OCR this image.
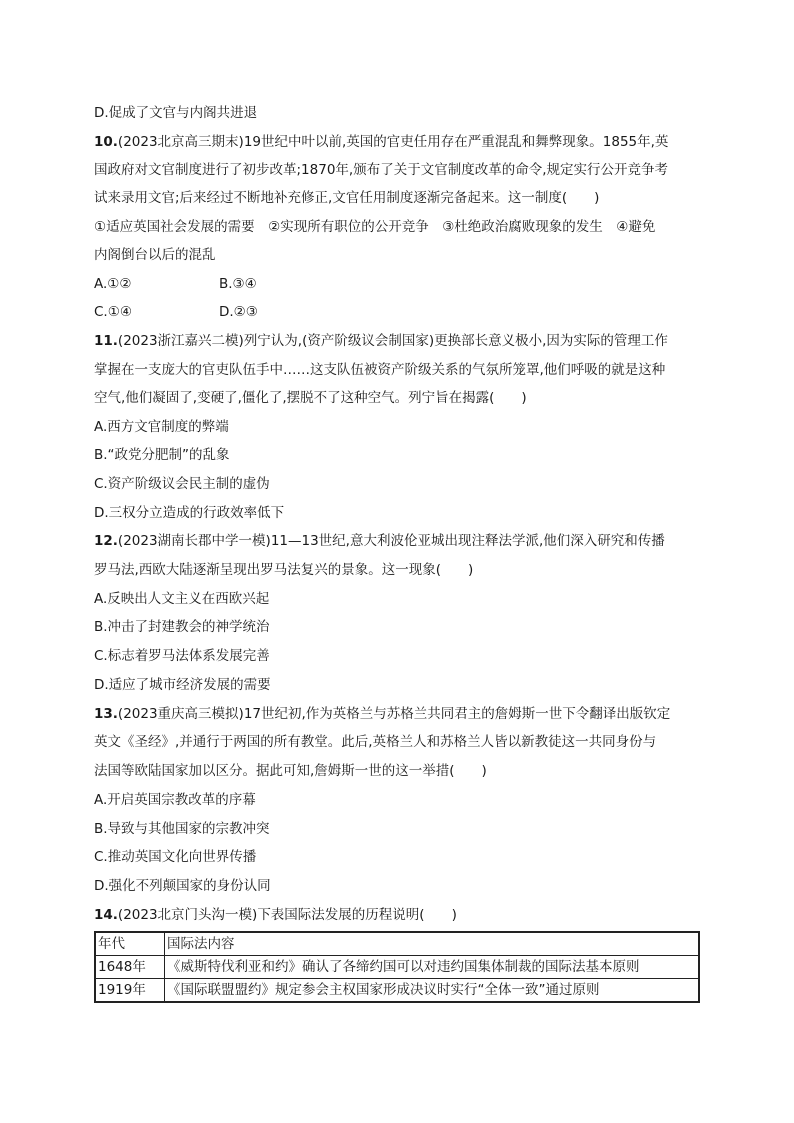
D.促成了文官与内阁共进退
10.(2023北京高三期末)19世纪中叶以前,英国的官吏任用存在严重混乱和舞弊现象。1855年,英
国政府对文官制度进行了初步改革;1870年,颁布了关于文官制度改革的命令,规定实行公开竞争考
试来录用文官;后来经过不断地补充修正,文官任用制度逐渐完备起来。这一制度(　　)
①适应英国社会发展的需要　②实现所有职位的公开竞争　③杜绝政治腐败现象的发生　④避免
内阁倒台以后的混乱
A.①②	B.③④
C.①④	D.②③
11.(2023浙江嘉兴二模)列宁认为,(资产阶级议会制国家)更换部长意义极小,因为实际的管理工作
掌握在一支庞大的官吏队伍手中……这支队伍被资产阶级关系的气氛所笼罩,他们呼吸的就是这种
空气,他们凝固了,变硬了,僵化了,摆脱不了这种空气。列宁旨在揭露(　　)
A.西方文官制度的弊端
B.“政党分肥制”的乱象
C.资产阶级议会民主制的虚伪
D.三权分立造成的行政效率低下
12.(2023湖南长郡中学一模)11—13世纪,意大利波伦亚城出现注释法学派,他们深入研究和传播
罗马法,西欧大陆逐渐呈现出罗马法复兴的景象。这一现象(　　)
A.反映出人文主义在西欧兴起
B.冲击了封建教会的神学统治
C.标志着罗马法体系发展完善
D.适应了城市经济发展的需要
13.(2023重庆高三模拟)17世纪初,作为英格兰与苏格兰共同君主的詹姆斯一世下令翻译出版钦定
英文《圣经》,并通行于两国的所有教堂。此后,英格兰人和苏格兰人皆以新教徒这一共同身份与
法国等欧陆国家加以区分。据此可知,詹姆斯一世的这一举措(　　)
A.开启英国宗教改革的序幕
B.导致与其他国家的宗教冲突
C.推动英国文化向世界传播
D.强化不列颠国家的身份认同
14.(2023北京门头沟一模)下表国际法发展的历程说明(　　)
年代	国际法内容
1648年	《威斯特伐利亚和约》确认了各缔约国可以对违约国集体制裁的国际法基本原则
1919年	《国际联盟盟约》规定参会主权国家形成决议时实行“全体一致”通过原则
